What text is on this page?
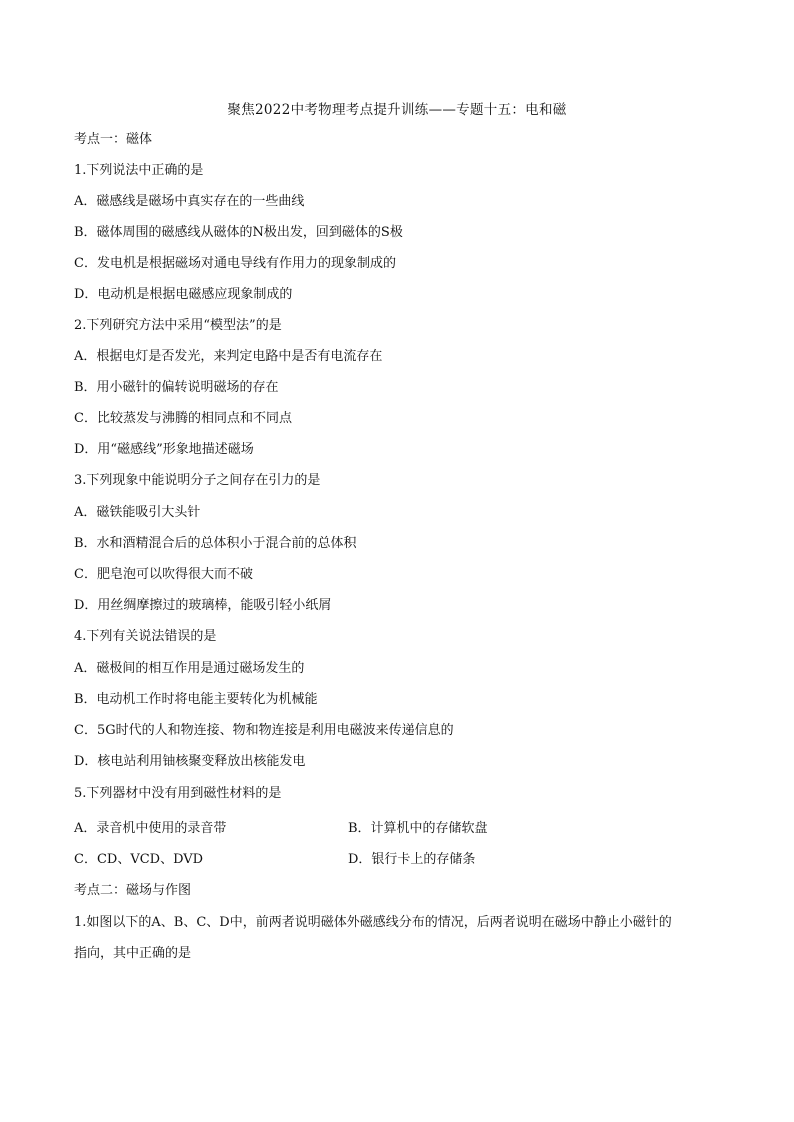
聚焦2022中考物理考点提升训练——专题十五：电和磁
考点一：磁体
1.下列说法中正确的是
A．磁感线是磁场中真实存在的一些曲线
B．磁体周围的磁感线从磁体的N极出发，回到磁体的S极
C．发电机是根据磁场对通电导线有作用力的现象制成的
D．电动机是根据电磁感应现象制成的
2.下列研究方法中采用“模型法”的是
A．根据电灯是否发光，来判定电路中是否有电流存在
B．用小磁针的偏转说明磁场的存在
C．比较蒸发与沸腾的相同点和不同点
D．用“磁感线”形象地描述磁场
3.下列现象中能说明分子之间存在引力的是
A．磁铁能吸引大头针
B．水和酒精混合后的总体积小于混合前的总体积
C．肥皂泡可以吹得很大而不破
D．用丝绸摩擦过的玻璃棒，能吸引轻小纸屑
4.下列有关说法错误的是
A．磁极间的相互作用是通过磁场发生的
B．电动机工作时将电能主要转化为机械能
C．5G时代的人和物连接、物和物连接是利用电磁波来传递信息的
D．核电站利用铀核聚变释放出核能发电
5.下列器材中没有用到磁性材料的是
A．录音机中使用的录音带	B．计算机中的存储软盘
C．CD、VCD、DVD	D．银行卡上的存储条
考点二：磁场与作图
1.如图以下的A、B、C、D中，前两者说明磁体外磁感线分布的情况，后两者说明在磁场中静止小磁针的
指向，其中正确的是
